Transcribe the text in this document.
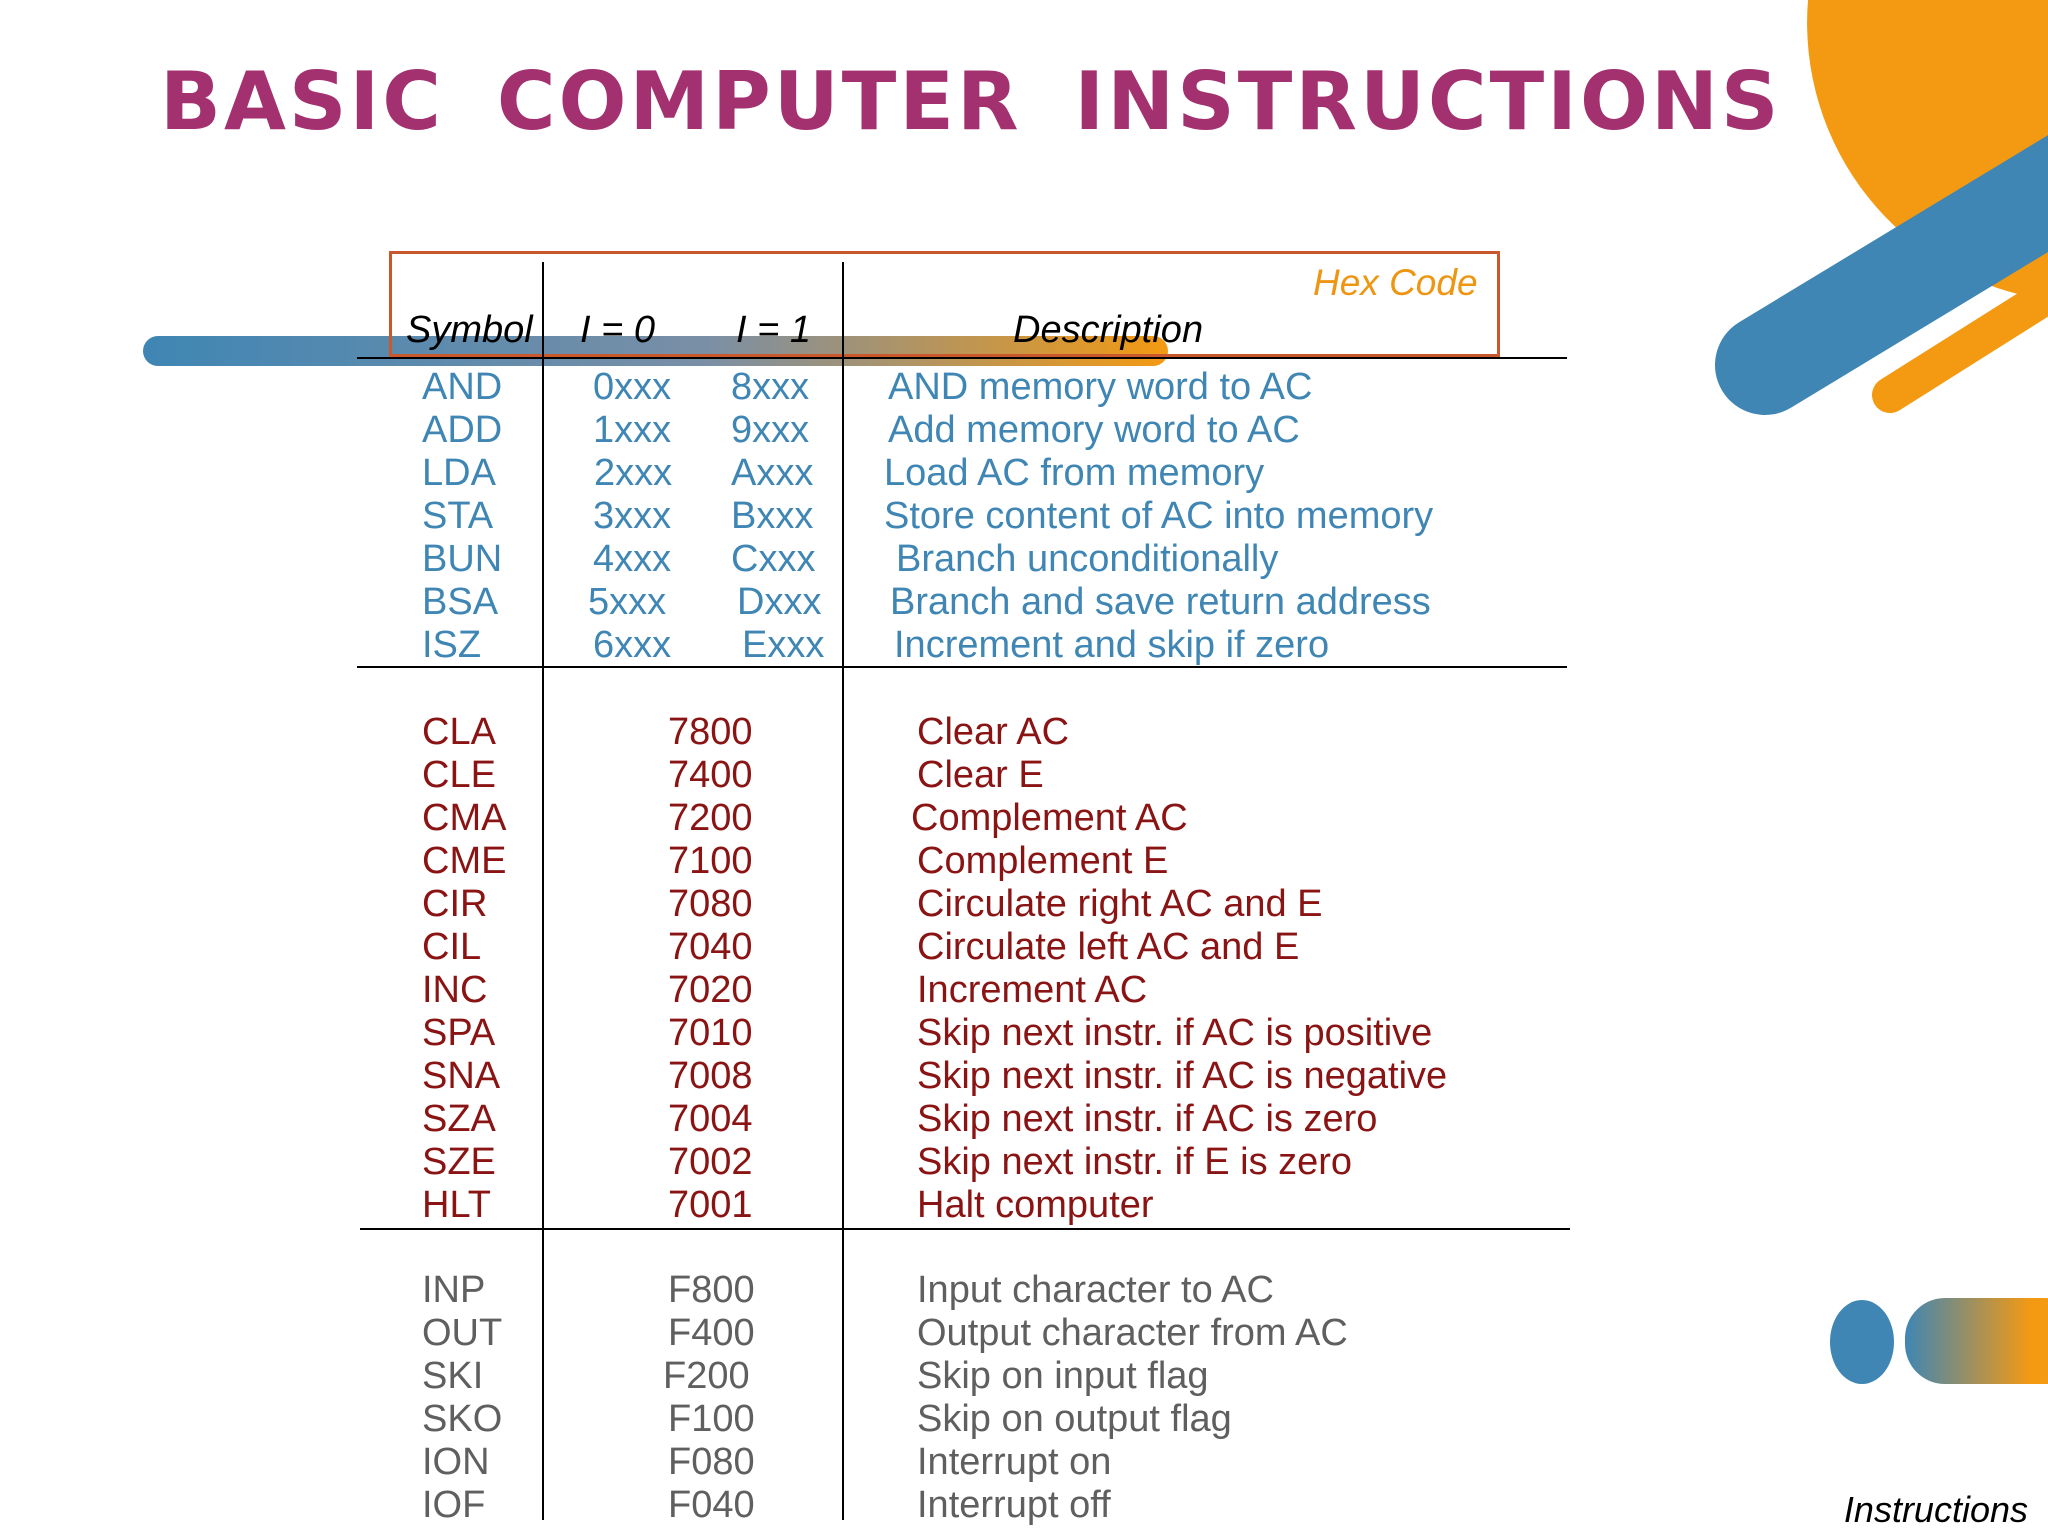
BASIC COMPUTER INSTRUCTIONS
Hex Code
Symbol I = 0 I = 1	Description
AND 0xxx 8xxx AND memory word to AC
ADD 1xxx 9xxx Add memory word to AC
LDA	2xxx Axxx Load AC from memory
STA	3xxx Bxxx Store content of AC into memory
BUN 4xxx Cxxx Branch unconditionally
BSA 5xxx Dxxx Branch and save return address
ISZ	6xxx Exxx Increment and skip if zero
CLA	7800	Clear AC
CLE	7400	Clear E
CMA	7200	Complement AC
CME	7100	Complement E
CIR	7080	Circulate right AC and E
CIL	7040	Circulate left AC and E
INC	7020	Increment AC
SPA	7010	Skip next instr. if AC is positive
SNA	7008	Skip next instr. if AC is negative
SZA	7004	Skip next instr. if AC is zero
SZE	7002	Skip next instr. if E is zero
HLT	7001	Halt computer
INP	F800	Input character to AC
OUT	F400	Output character from AC
SKI	F200	Skip on input flag
SKO	F100	Skip on output flag
ION	F080	Interrupt on
IOF	F040	Interrupt off	Instructions
